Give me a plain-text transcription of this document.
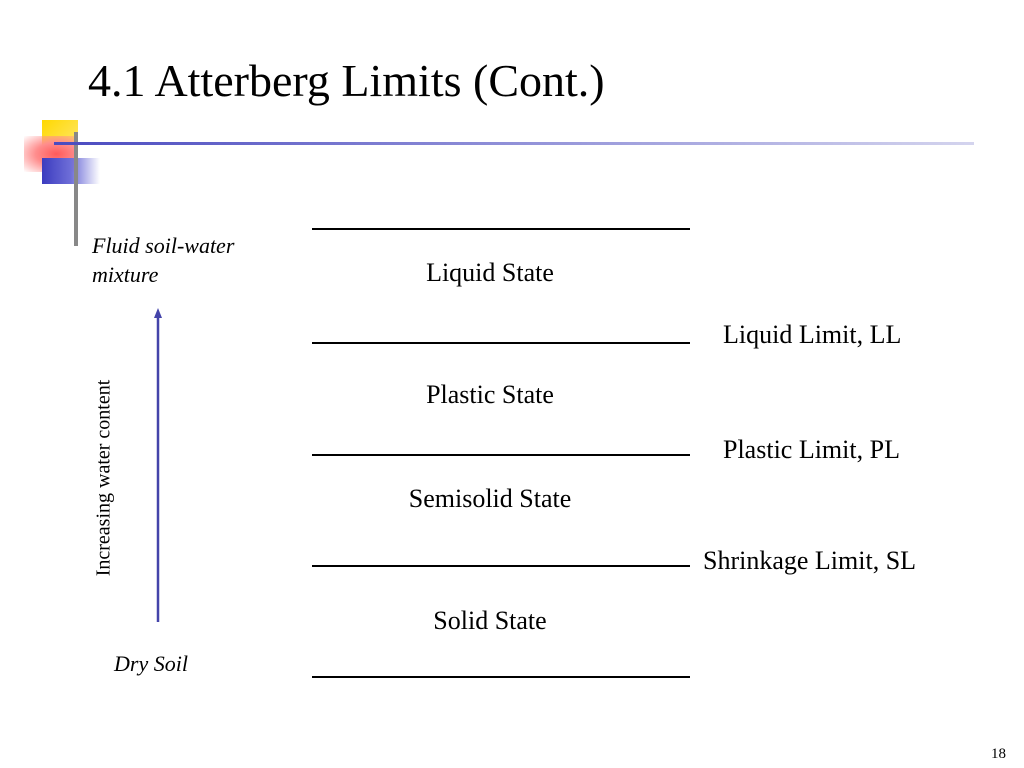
4.1 Atterberg Limits (Cont.)
Fluid soil-water mixture
Dry Soil
Increasing water content
Liquid State
Plastic State
Semisolid State
Solid State
Liquid Limit, LL
Plastic Limit, PL
Shrinkage Limit, SL
18
